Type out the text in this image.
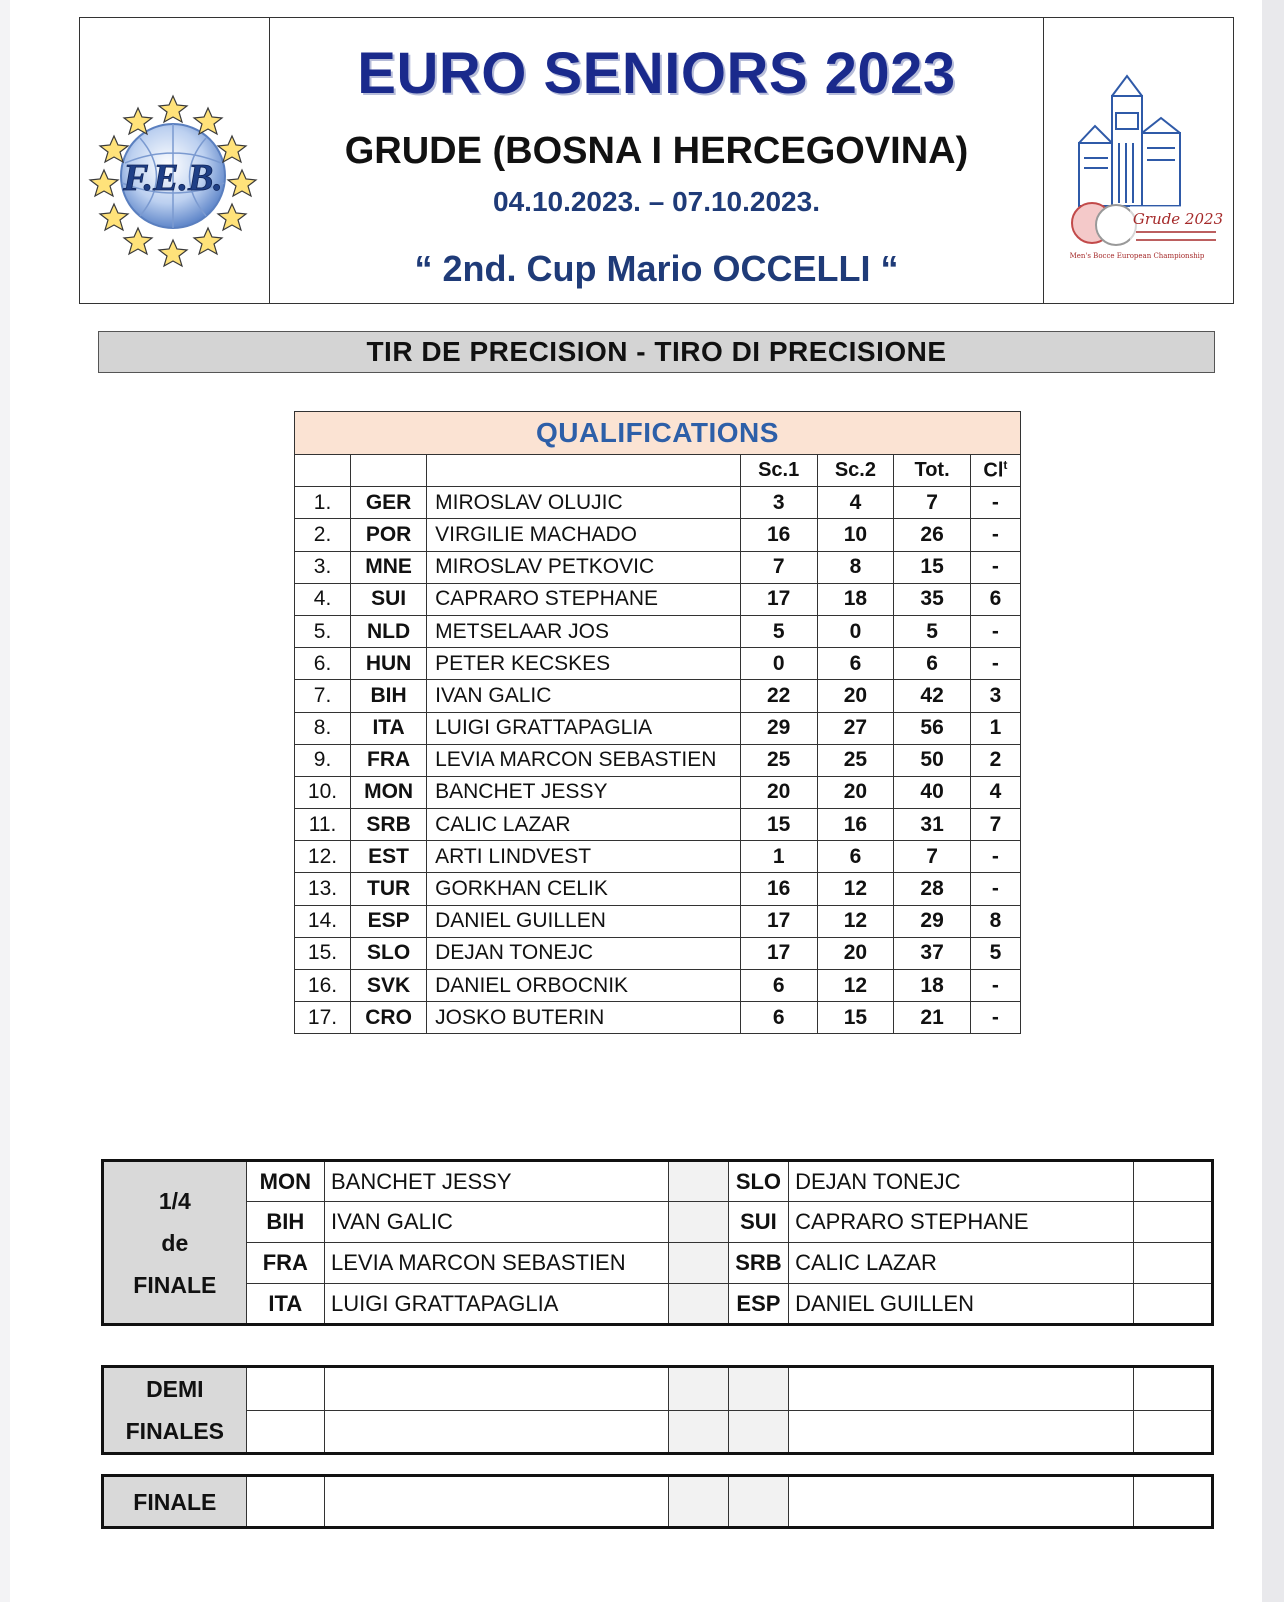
F.E.B.
EURO SENIORS 2023
GRUDE (BOSNA I HERCEGOVINA)
04.10.2023. – 07.10.2023.
“ 2nd. Cup Mario OCCELLI “
Grude 2023
Men's Bocce European Championship
TIR DE PRECISION - TIRO DI PRECISIONE
QUALIFICATIONS						
			Sc.1	Sc.2	Tot.	Cl$^t$
1.	GER	MIROSLAV OLUJIC	3	4	7	-
2.	POR	VIRGILIE MACHADO	16	10	26	-
3.	MNE	MIROSLAV PETKOVIC	7	8	15	-
4.	SUI	CAPRARO STEPHANE	17	18	35	6
5.	NLD	METSELAAR JOS	5	0	5	-
6.	HUN	PETER KECSKES	0	6	6	-
7.	BIH	IVAN GALIC	22	20	42	3
8.	ITA	LUIGI GRATTAPAGLIA	29	27	56	1
9.	FRA	LEVIA MARCON SEBASTIEN	25	25	50	2
10.	MON	BANCHET JESSY	20	20	40	4
11.	SRB	CALIC LAZAR	15	16	31	7
12.	EST	ARTI LINDVEST	1	6	7	-
13.	TUR	GORKHAN CELIK	16	12	28	-
14.	ESP	DANIEL GUILLEN	17	12	29	8
15.	SLO	DEJAN TONEJC	17	20	37	5
16.	SVK	DANIEL ORBOCNIK	6	12	18	-
17.	CRO	JOSKO BUTERIN	6	15	21	-
1/4
de
FINALE	MON	BANCHET JESSY		SLO	DEJAN TONEJC	
	BIH	IVAN GALIC		SUI	CAPRARO STEPHANE	
	FRA	LEVIA MARCON SEBASTIEN		SRB	CALIC LAZAR	
	ITA	LUIGI GRATTAPAGLIA		ESP	DANIEL GUILLEN	
DEMI
FINALES						

FINALE						
